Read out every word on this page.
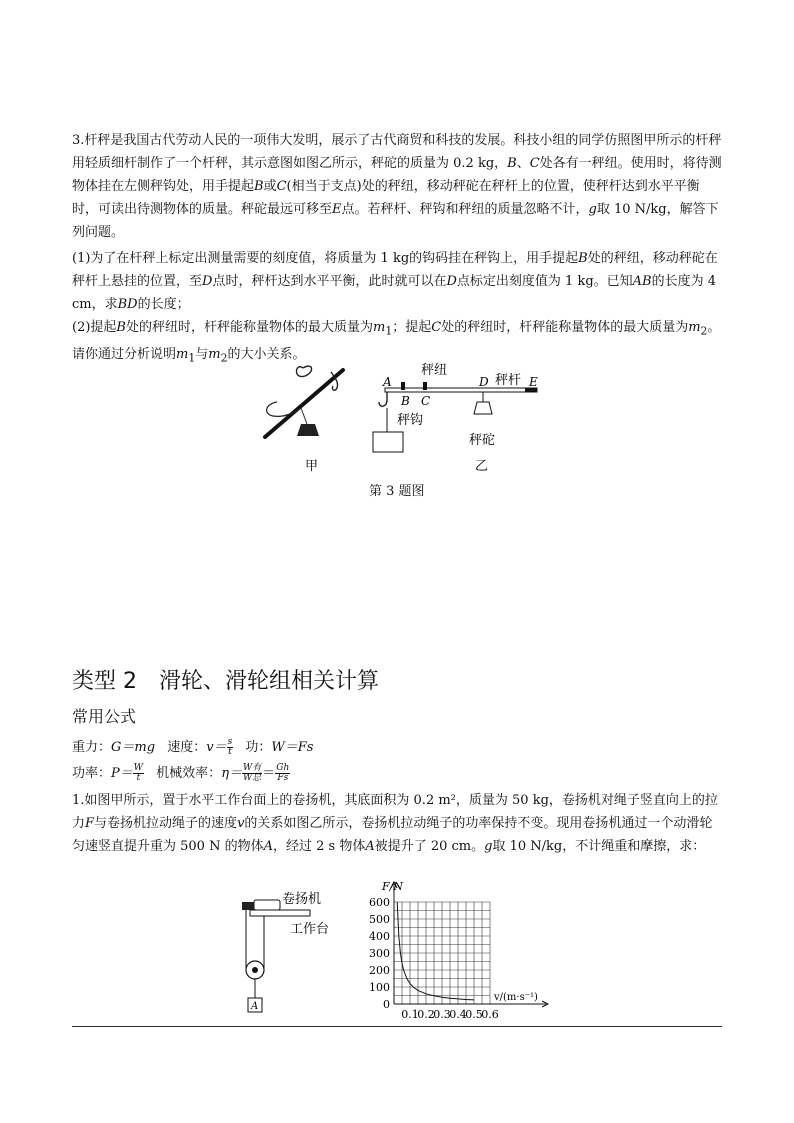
3.杆秤是我国古代劳动人民的一项伟大发明，展示了古代商贸和科技的发展。科技小组的同学仿照图甲所示的杆秤用轻质细杆制作了一个杆秤，其示意图如图乙所示，秤砣的质量为 0.2 kg，B、C处各有一秤纽。使用时，将待测物体挂在左侧秤钩处，用手提起B或C(相当于支点)处的秤纽，移动秤砣在秤杆上的位置，使秤杆达到水平平衡时，可读出待测物体的质量。秤砣最远可移至E点。若秤杆、秤钩和秤纽的质量忽略不计，g取 10 N/kg，解答下列问题。

(1)为了在杆秤上标定出测量需要的刻度值，将质量为 1 kg的钩码挂在秤钩上，用手提起B处的秤纽，移动秤砣在秤杆上悬挂的位置，至D点时，秤杆达到水平平衡，此时就可以在D点标定出刻度值为 1 kg。已知AB的长度为 4 cm，求BD的长度；

(2)提起B处的秤纽时，杆秤能称量物体的最大质量为$m_1$；提起C处的秤纽时，杆秤能称量物体的最大质量为$m_2$。请你通过分析说明$m_1$与$m_2$的大小关系。

甲
A
B C
D	E
秤纽
秤杆
秤钩
秤砣
乙
第 3 题图
类型 2　滑轮、滑轮组相关计算
常用公式
重力：G＝mg 速度：$v= \frac{s}{t}$ 功：W＝Fs
功率：$P= \frac{W}{t}$ 机械效率：η＝ W有
W总 ＝ $\frac{Gh}{Fs}$

1.如图甲所示，置于水平工作台面上的卷扬机，其底面积为 0.2 m²，质量为 50 kg，卷扬机对绳子竖直向上的拉力F与卷扬机拉动绳子的速度v的关系如图乙所示，卷扬机拉动绳子的功率保持不变。现用卷扬机通过一个动滑轮匀速竖直提升重为 500 N 的物体A，经过 2 s 物体A被提升了 20 cm。g取 10 N/kg，不计绳重和摩擦，求：

A
卷扬机
工作台
0
100
200
300
400
500
600
0.1
0.2
0.3
0.4
0.5
0.6
F/N
v/(m·s⁻¹)
